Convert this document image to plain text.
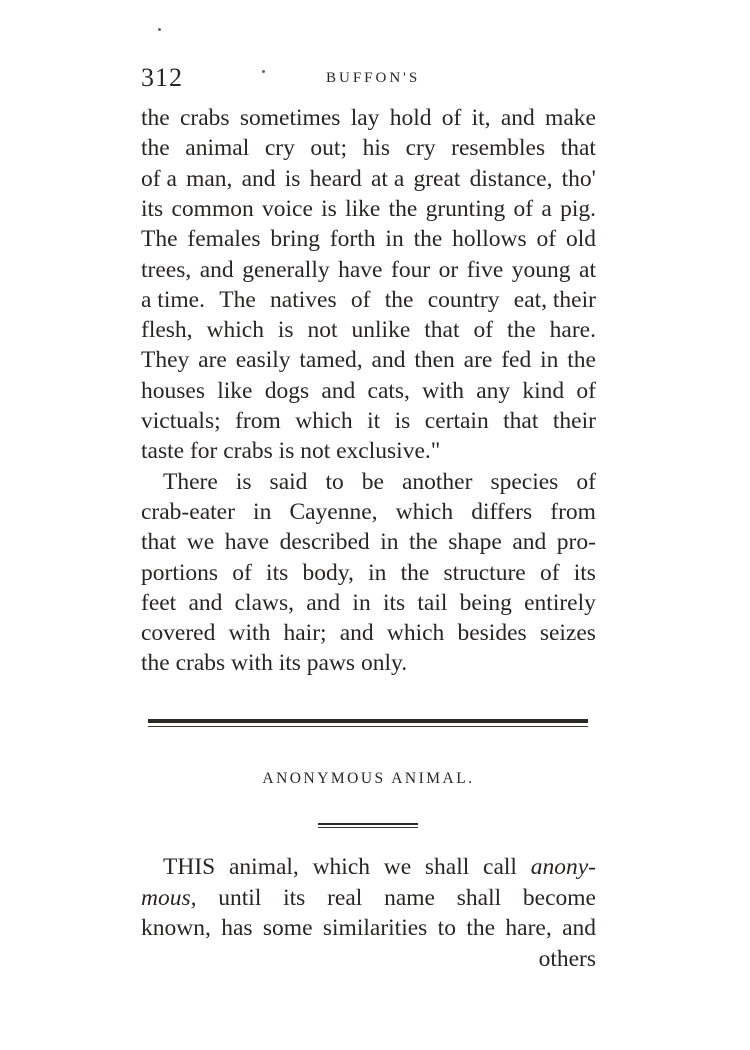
312	BUFFON'S
ANONYMOUS ANIMAL.
the crabs sometimes lay hold of it, and make
the animal cry out; his cry resembles that
of a man, and is heard at a great distance, tho'
its common voice is like the grunting of a pig.
The females bring forth in the hollows of old
trees, and generally have four or five young at
a time. The natives of the country eat, their
flesh, which is not unlike that of the hare.
They are easily tamed, and then are fed in the
houses like dogs and cats, with any kind of
victuals; from which it is certain that their
taste for crabs is not exclusive."
There is said to be another species of
crab-eater in Cayenne, which differs from
that we have described in the shape and pro-
portions of its body, in the structure of its
feet and claws, and in its tail being entirely
covered with hair; and which besides seizes
the crabs with its paws only.
THIS animal, which we shall call anony-
mous, until its real name shall become
known, has some similarities to the hare, and
others
